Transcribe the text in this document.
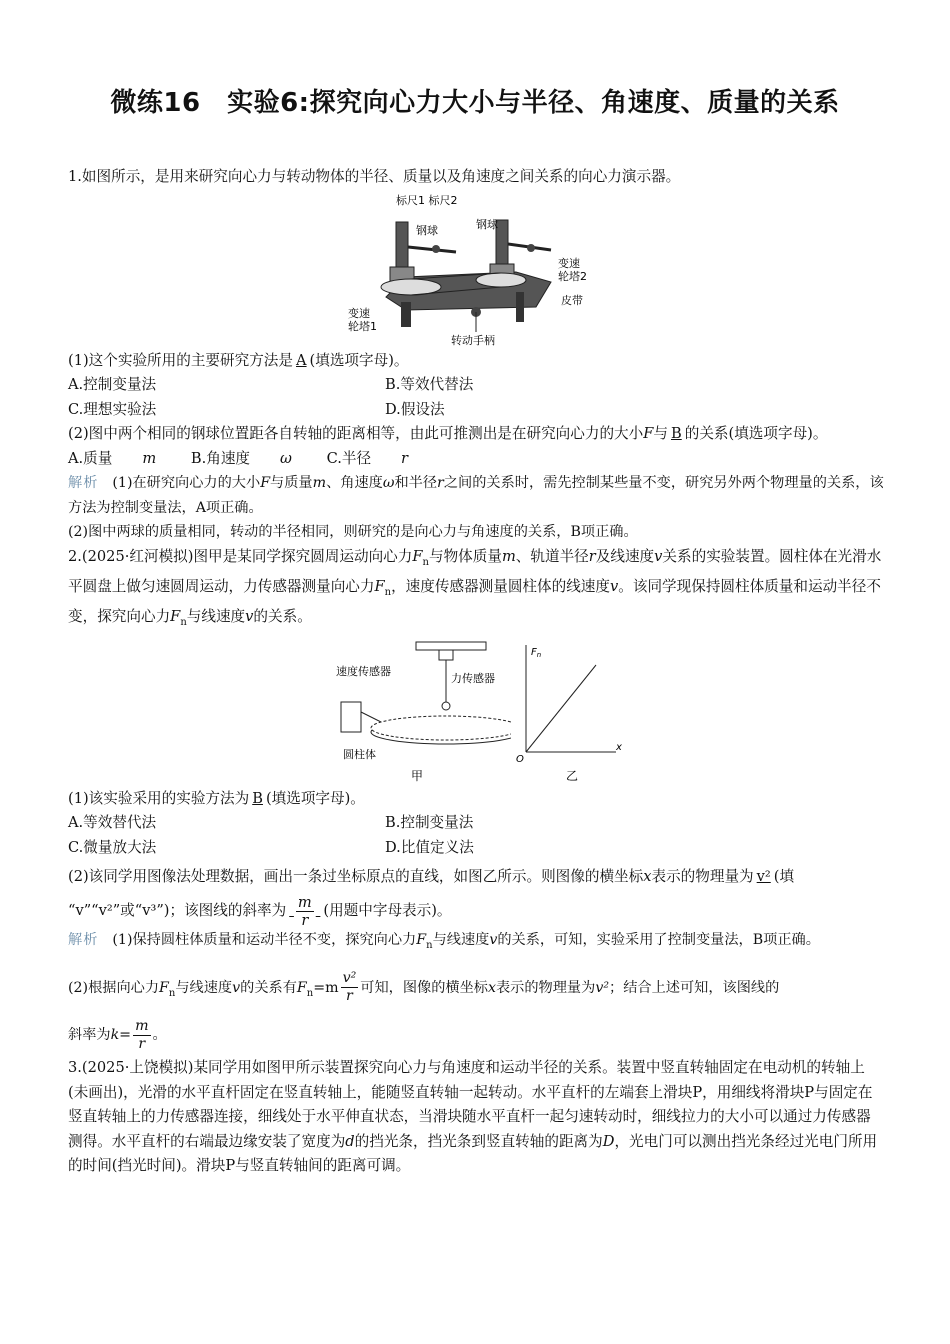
微练16　实验6:探究向心力大小与半径、角速度、质量的关系

1.如图所示，是用来研究向心力与转动物体的半径、质量以及角速度之间关系的向心力演示器。

标尺1 标尺2
钢球	钢球
变速
轮塔2
皮带
变速
轮塔1
转动手柄

(1)这个实验所用的主要研究方法是 A (填选项字母)。

A.控制变量法	B.等效代替法
C.理想实验法	D.假设法

(2)图中两个相同的钢球位置距各自转轴的距离相等，由此可推测出是在研究向心力的大小F与 B 的关系(填选项字母)。

A.质量 m B.角速度 ω C.半径 r

解析 (1)在研究向心力的大小F与质量m、角速度ω和半径r之间的关系时，需先控制某些量不变，研究另外两个物理量的关系，该方法为控制变量法，A项正确。

(2)图中两球的质量相同，转动的半径相同，则研究的是向心力与角速度的关系，B项正确。

2.(2025·红河模拟)图甲是某同学探究圆周运动向心力$F_n$与物体质量m、轨道半径r及线速度v关系的实验装置。圆柱体在光滑水平圆盘上做匀速圆周运动，力传感器测量向心力$F_n$，速度传感器测量圆柱体的线速度v。该同学现保持圆柱体质量和运动半径不变，探究向心力$F_n$与线速度v的关系。

速度传感器
力传感器
圆柱体
甲
$F_n$
x
O
乙

(1)该实验采用的实验方法为 B (填选项字母)。

A.等效替代法	B.控制变量法
C.微量放大法	D.比值定义法

(2)该同学用图像法处理数据，画出一条过坐标原点的直线，如图乙所示。则图像的横坐标x表示的物理量为 v² (填
“v”“v²”或“v³”)；该图线的斜率为 $\frac{m}{r}$ (用题中字母表示)。

解析 (1)保持圆柱体质量和运动半径不变，探究向心力$F_n$与线速度v的关系，可知，实验采用了控制变量法，B项正确。

(2)根据向心力$F_n$与线速度v的关系有$F_n=m \frac{\text{v²}}{r}$ 可知，图像的横坐标x表示的物理量为v²；结合上述可知，该图线的

斜率为$k= \frac{m}{r}$ 。

3.(2025·上饶模拟)某同学用如图甲所示装置探究向心力与角速度和运动半径的关系。装置中竖直转轴固定在电动机的转轴上(未画出)，光滑的水平直杆固定在竖直转轴上，能随竖直转轴一起转动。水平直杆的左端套上滑块P，用细线将滑块P与固定在竖直转轴上的力传感器连接，细线处于水平伸直状态，当滑块随水平直杆一起匀速转动时，细线拉力的大小可以通过力传感器测得。水平直杆的右端最边缘安装了宽度为d的挡光条，挡光条到竖直转轴的距离为D，光电门可以测出挡光条经过光电门所用的时间(挡光时间)。滑块P与竖直转轴间的距离可调。
